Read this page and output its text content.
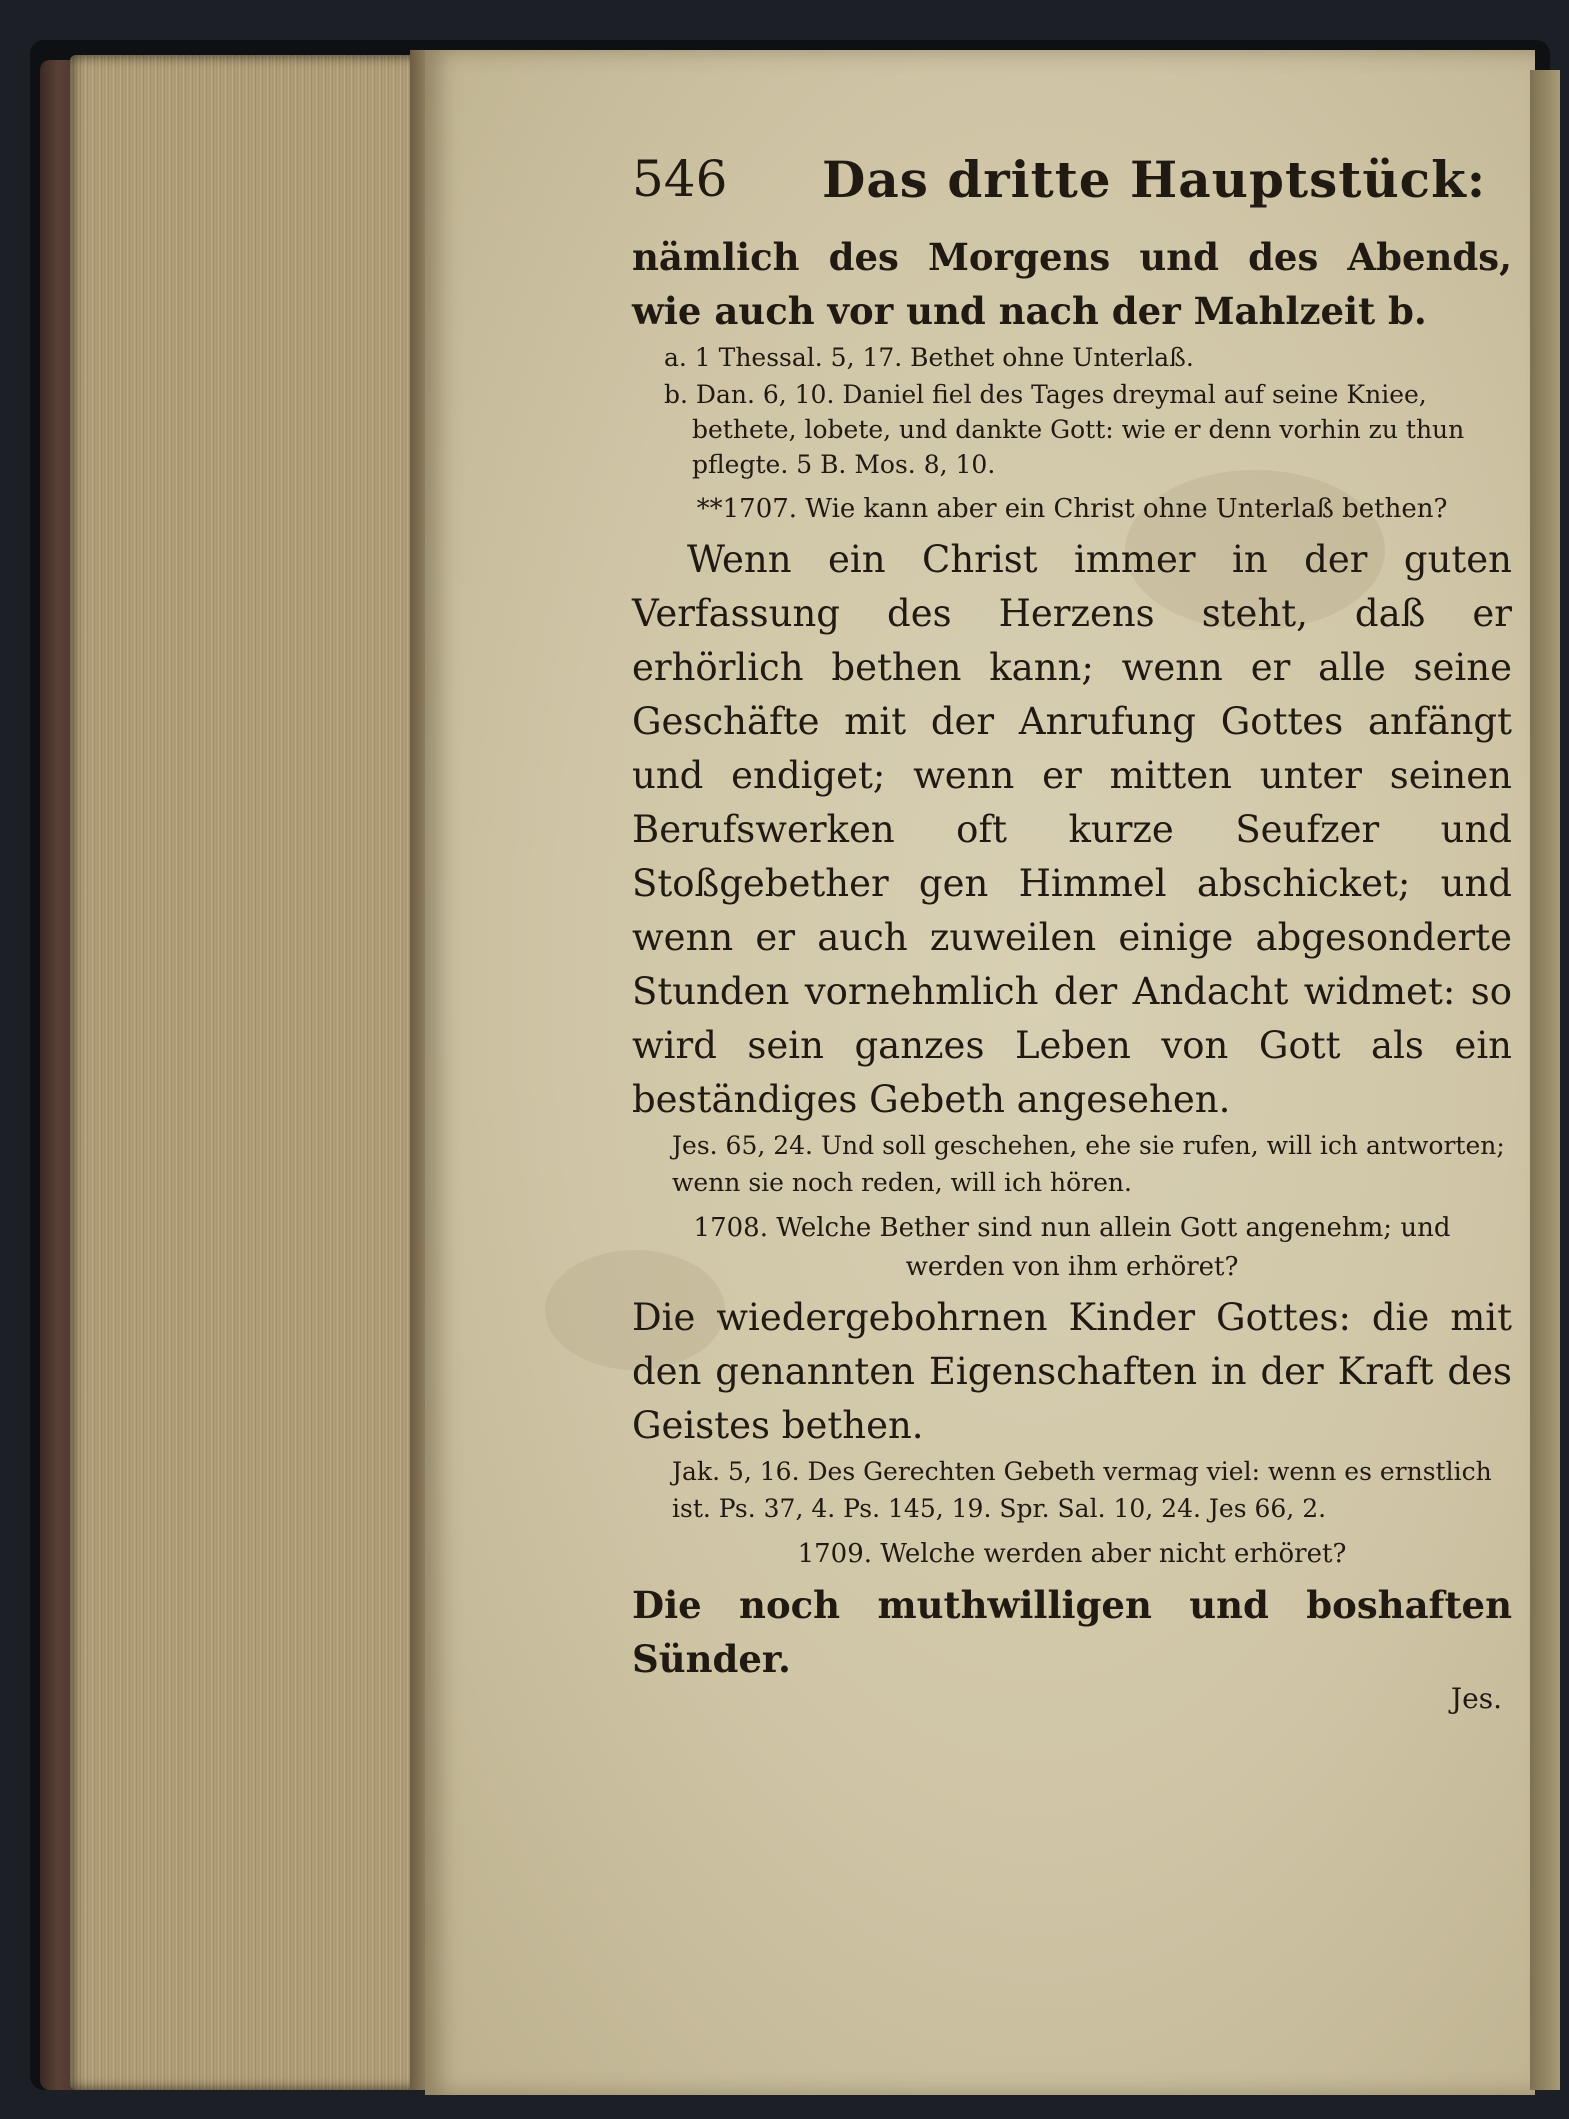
546 Das dritte Hauptstück:
nämlich des Morgens und des Abends, wie auch vor und nach der Mahlzeit b.
a. 1 Thessal. 5, 17. Bethet ohne Unterlaß.
b. Dan. 6, 10. Daniel fiel des Tages dreymal auf seine Kniee, bethete, lobete, und dankte Gott: wie er denn vorhin zu thun pflegte. 5 B. Mos. 8, 10.
**1707. Wie kann aber ein Christ ohne Unterlaß bethen?
Wenn ein Christ immer in der guten Verfassung des Herzens steht, daß er erhörlich bethen kann; wenn er alle seine Geschäfte mit der Anrufung Gottes anfängt und endiget; wenn er mitten unter seinen Berufswerken oft kurze Seufzer und Stoßgebether gen Himmel abschicket; und wenn er auch zuweilen einige abgesonderte Stunden vornehmlich der Andacht widmet: so wird sein ganzes Leben von Gott als ein beständiges Gebeth angesehen.
Jes. 65, 24. Und soll geschehen, ehe sie rufen, will ich antworten; wenn sie noch reden, will ich hören.
1708. Welche Bether sind nun allein Gott angenehm; und werden von ihm erhöret?
Die wiedergebohrnen Kinder Gottes: die mit den genannten Eigenschaften in der Kraft des Geistes bethen.
Jak. 5, 16. Des Gerechten Gebeth vermag viel: wenn es ernstlich ist. Ps. 37, 4. Ps. 145, 19. Spr. Sal. 10, 24. Jes 66, 2.
1709. Welche werden aber nicht erhöret?
Die noch muthwilligen und boshaften Sünder.
Jes.
